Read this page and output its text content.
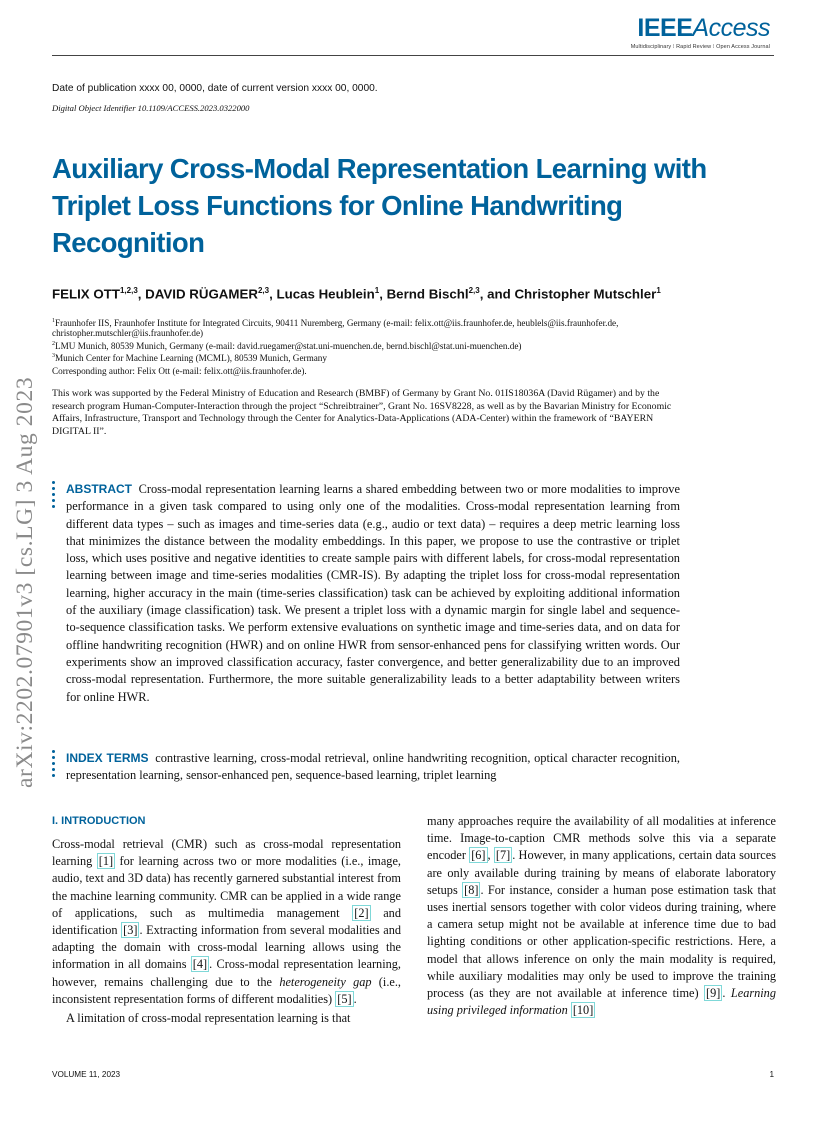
IEEEAccess
Multidisciplinary ⁞ Rapid Review ⁞ Open Access Journal
Date of publication xxxx 00, 0000, date of current version xxxx 00, 0000.
Digital Object Identifier 10.1109/ACCESS.2023.0322000
Auxiliary Cross-Modal Representation Learning with Triplet Loss Functions for Online Handwriting Recognition
FELIX OTT$^{1,2,3}$, DAVID RÜGAMER$^{2,3}$, Lucas Heublein$^1$, Bernd Bischl$^{2,3}$, and Christopher Mutschler$^1$
$^1$Fraunhofer IIS, Fraunhofer Institute for Integrated Circuits, 90411 Nuremberg, Germany (e-mail: felix.ott@iis.fraunhofer.de, heublels@iis.fraunhofer.de,
christopher.mutschler@iis.fraunhofer.de)
$^2$LMU Munich, 80539 Munich, Germany (e-mail: david.ruegamer@stat.uni-muenchen.de, bernd.bischl@stat.uni-muenchen.de)
$^3$Munich Center for Machine Learning (MCML), 80539 Munich, Germany
Corresponding author: Felix Ott (e-mail: felix.ott@iis.fraunhofer.de).
This work was supported by the Federal Ministry of Education and Research (BMBF) of Germany by Grant No. 01IS18036A (David Rügamer) and by the research program Human-Computer-Interaction through the project “Schreibtrainer”, Grant No. 16SV8228, as well as by the Bavarian Ministry for Economic Affairs, Infrastructure, Transport and Technology through the Center for Analytics-Data-Applications (ADA-Center) within the framework of “BAYERN DIGITAL II”.
arXiv:2202.07901v3 [cs.LG] 3 Aug 2023 ABSTRACT Cross-modal representation learning learns a shared embedding between two or more modalities to improve performance in a given task compared to using only one of the modalities. Cross-modal representation learning from different data types – such as images and time-series data (e.g., audio or text data) – requires a deep metric learning loss that minimizes the distance between the modality embeddings. In this paper, we propose to use the contrastive or triplet loss, which uses positive and negative identities to create sample pairs with different labels, for cross-modal representation learning between image and time-series modalities (CMR-IS). By adapting the triplet loss for cross-modal representation learning, higher accuracy in the main (time-series classification) task can be achieved by exploiting additional information of the auxiliary (image classification) task. We present a triplet loss with a dynamic margin for single label and sequence-to-sequence classification tasks. We perform extensive evaluations on synthetic image and time-series data, and on data for offline handwriting recognition (HWR) and on online HWR from sensor-enhanced pens for classifying written words. Our experiments show an improved classification accuracy, faster convergence, and better generalizability due to an improved cross-modal representation. Furthermore, the more suitable generalizability leads to a better adaptability between writers for online HWR.
INDEX TERMS contrastive learning, cross-modal retrieval, online handwriting recognition, optical character recognition, representation learning, sensor-enhanced pen, sequence-based learning, triplet learning
I. INTRODUCTION

Cross-modal retrieval (CMR) such as cross-modal representation learning [1] for learning across two or more modalities (i.e., image, audio, text and 3D data) has recently garnered substantial interest from the machine learning community. CMR can be applied in a wide range of applications, such as multimedia management [2] and identification [3] . Extracting information from several modalities and adapting the domain with cross-modal learning allows using the information in all domains [4] . Cross-modal representation learning, however, remains challenging due to the heterogeneity gap (i.e., inconsistent representation forms of different modalities) [5] .

A limitation of cross-modal representation learning is that

many approaches require the availability of all modalities at inference time. Image-to-caption CMR methods solve this via a separate encoder [6] , [7] . However, in many applications, certain data sources are only available during training by means of elaborate laboratory setups [8] . For instance, consider a human pose estimation task that uses inertial sensors together with color videos during training, where a camera setup might not be available at inference time due to bad lighting conditions or other application-specific restrictions. Here, a model that allows inference on only the main modality is required, while auxiliary modalities may only be used to improve the training process (as they are not available at inference time) [9] . Learning using privileged information [10]

VOLUME 11, 2023	1
